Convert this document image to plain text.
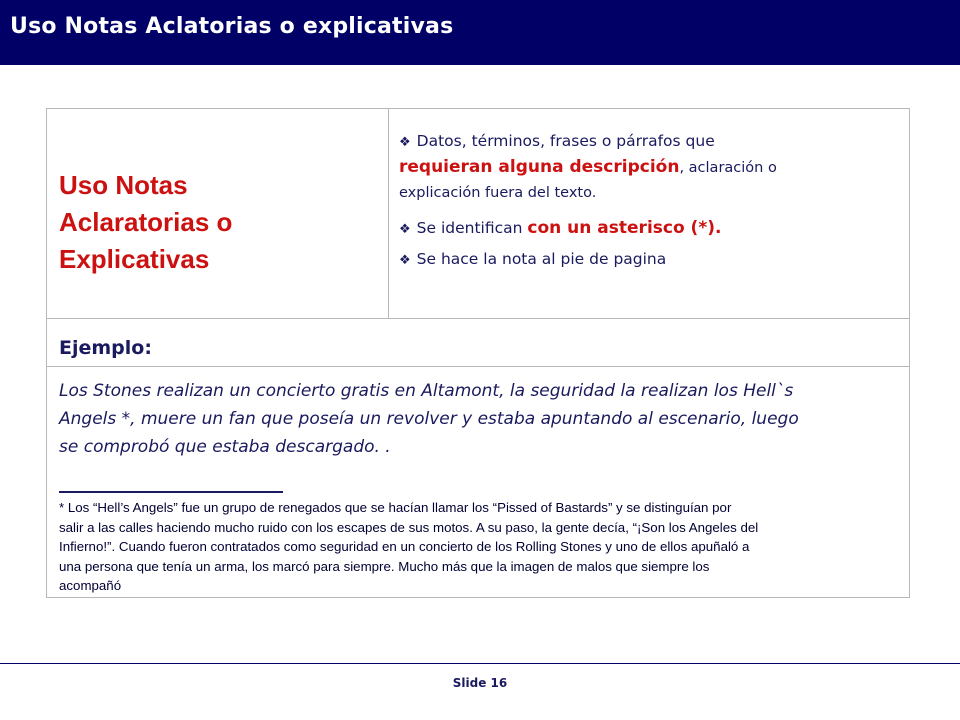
Uso Notas Aclatorias o explicativas
Uso Notas
Aclaratorias o
Explicativas
❖ Datos, términos, frases o párrafos que
requieran alguna descripción, aclaración o
explicación fuera del texto.
❖ Se identifican con un asterisco (*).
❖ Se hace la nota al pie de pagina
Ejemplo:
Los Stones realizan un concierto gratis en Altamont, la seguridad la realizan los Hell`s
Angels *, muere un fan que poseía un revolver y estaba apuntando al escenario, luego
se comprobó que estaba descargado. .
* Los “Hell’s Angels” fue un grupo de renegados que se hacían llamar los “Pissed of Bastards” y se distinguían por
salir a las calles haciendo mucho ruido con los escapes de sus motos. A su paso, la gente decía, “¡Son los Angeles del
Infierno!”. Cuando fueron contratados como seguridad en un concierto de los Rolling Stones y uno de ellos apuñaló a
una persona que tenía un arma, los marcó para siempre. Mucho más que la imagen de malos que siempre los
acompañó
Slide 16
